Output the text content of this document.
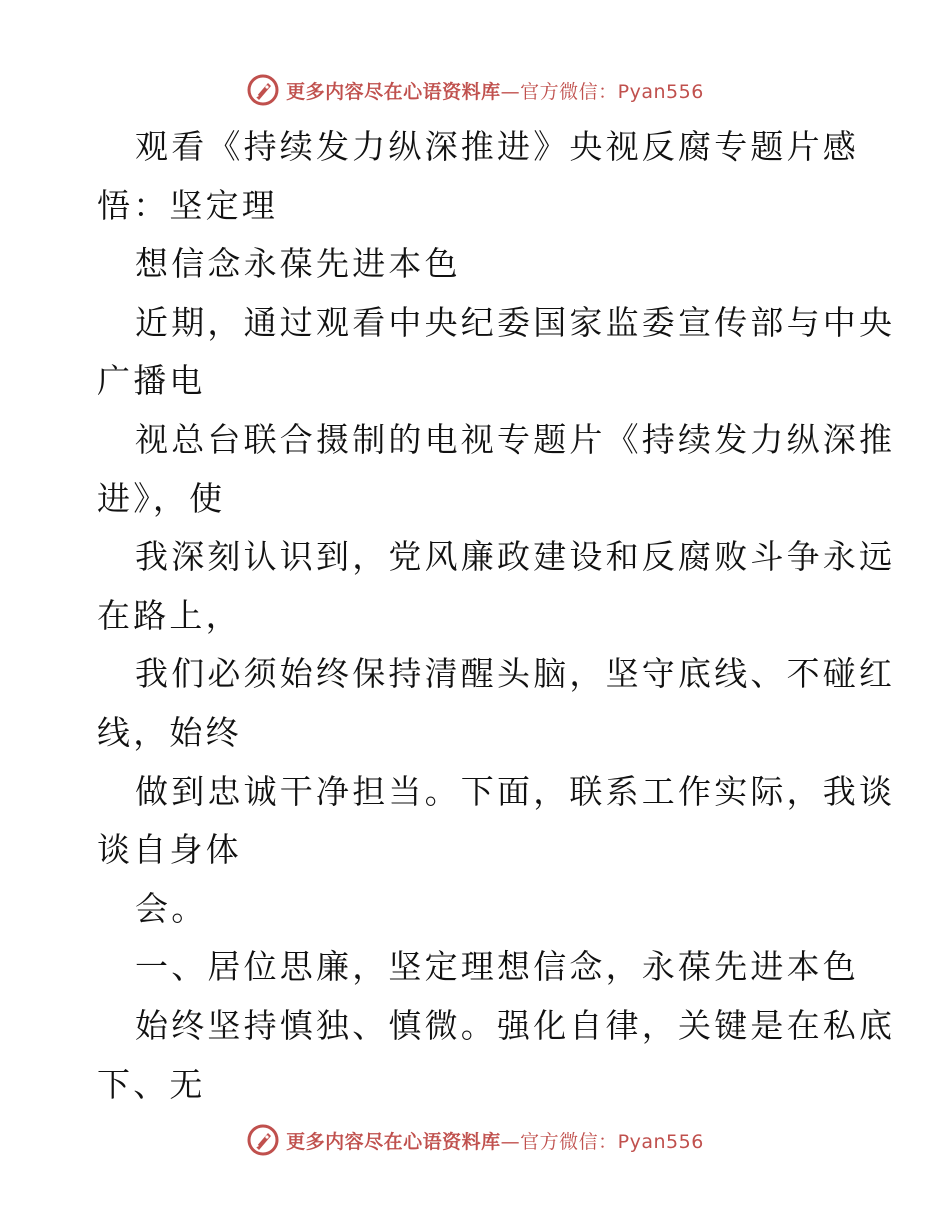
更多内容尽在心语资料库—官方微信：Pyan556
观看《持续发力纵深推进》央视反腐专题片感
悟：坚定理
想信念永葆先进本色
近期，通过观看中央纪委国家监委宣传部与中央
广播电
视总台联合摄制的电视专题片《持续发力纵深推
进》，使
我深刻认识到，党风廉政建设和反腐败斗争永远
在路上，
我们必须始终保持清醒头脑，坚守底线、不碰红
线，始终
做到忠诚干净担当。下面，联系工作实际，我谈
谈自身体
会。
一、居位思廉，坚定理想信念，永葆先进本色
始终坚持慎独、慎微。强化自律，关键是在私底
下、无
更多内容尽在心语资料库—官方微信：Pyan556
